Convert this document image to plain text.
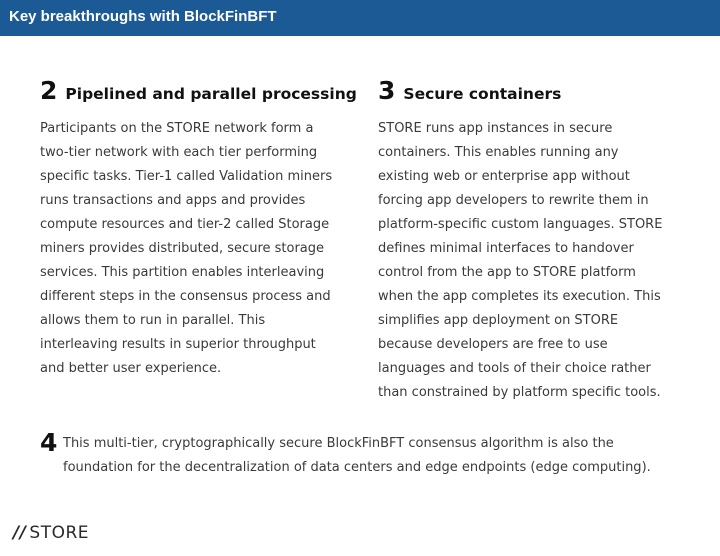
Key breakthroughs with BlockFinBFT
2 Pipelined and parallel processing
Participants on the STORE network form a
two-tier network with each tier performing
specific tasks. Tier-1 called Validation miners
runs transactions and apps and provides
compute resources and tier-2 called Storage
miners provides distributed, secure storage
services. This partition enables interleaving
different steps in the consensus process and
allows them to run in parallel. This
interleaving results in superior throughput
and better user experience.
3 Secure containers
STORE runs app instances in secure
containers. This enables running any
existing web or enterprise app without
forcing app developers to rewrite them in
platform-specific custom languages. STORE
defines minimal interfaces to handover
control from the app to STORE platform
when the app completes its execution. This
simplifies app deployment on STORE
because developers are free to use
languages and tools of their choice rather
than constrained by platform specific tools.
4 This multi-tier, cryptographically secure BlockFinBFT consensus algorithm is also the
foundation for the decentralization of data centers and edge endpoints (edge computing).
// STORE
